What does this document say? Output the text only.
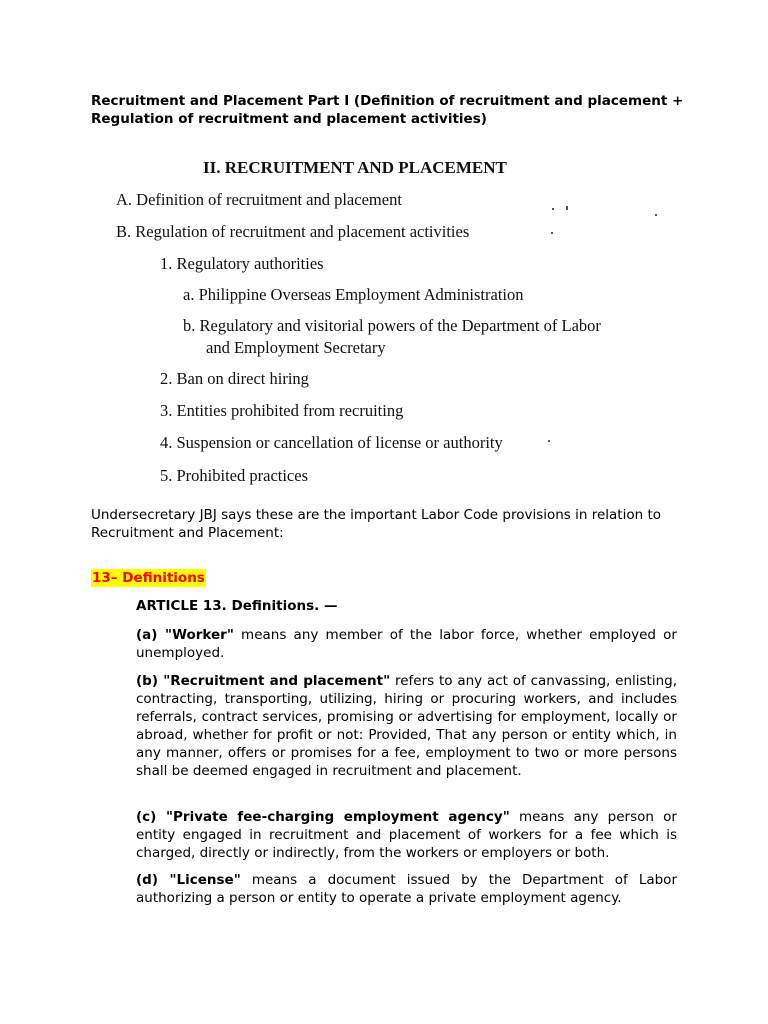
Recruitment and Placement Part I (Definition of recruitment and placement + Regulation of recruitment and placement activities)
II. RECRUITMENT AND PLACEMENT
A. Definition of recruitment and placement
B. Regulation of recruitment and placement activities
1. Regulatory authorities
a. Philippine Overseas Employment Administration
b. Regulatory and visitorial powers of the Department of Labor
and Employment Secretary
2. Ban on direct hiring
3. Entities prohibited from recruiting
4. Suspension or cancellation of license or authority
5. Prohibited practices
Undersecretary JBJ says these are the important Labor Code provisions in relation to Recruitment and Placement:
13– Definitions
ARTICLE 13. Definitions. —
(a) "Worker" means any member of the labor force, whether employed or unemployed.
(b) "Recruitment and placement" refers to any act of canvassing, enlisting, contracting, transporting, utilizing, hiring or procuring workers, and includes referrals, contract services, promising or advertising for employment, locally or abroad, whether for profit or not: Provided, That any person or entity which, in any manner, offers or promises for a fee, employment to two or more persons shall be deemed engaged in recruitment and placement.
(c) "Private fee-charging employment agency" means any person or entity engaged in recruitment and placement of workers for a fee which is charged, directly or indirectly, from the workers or employers or both.
(d) "License" means a document issued by the Department of Labor authorizing a person or entity to operate a private employment agency.
